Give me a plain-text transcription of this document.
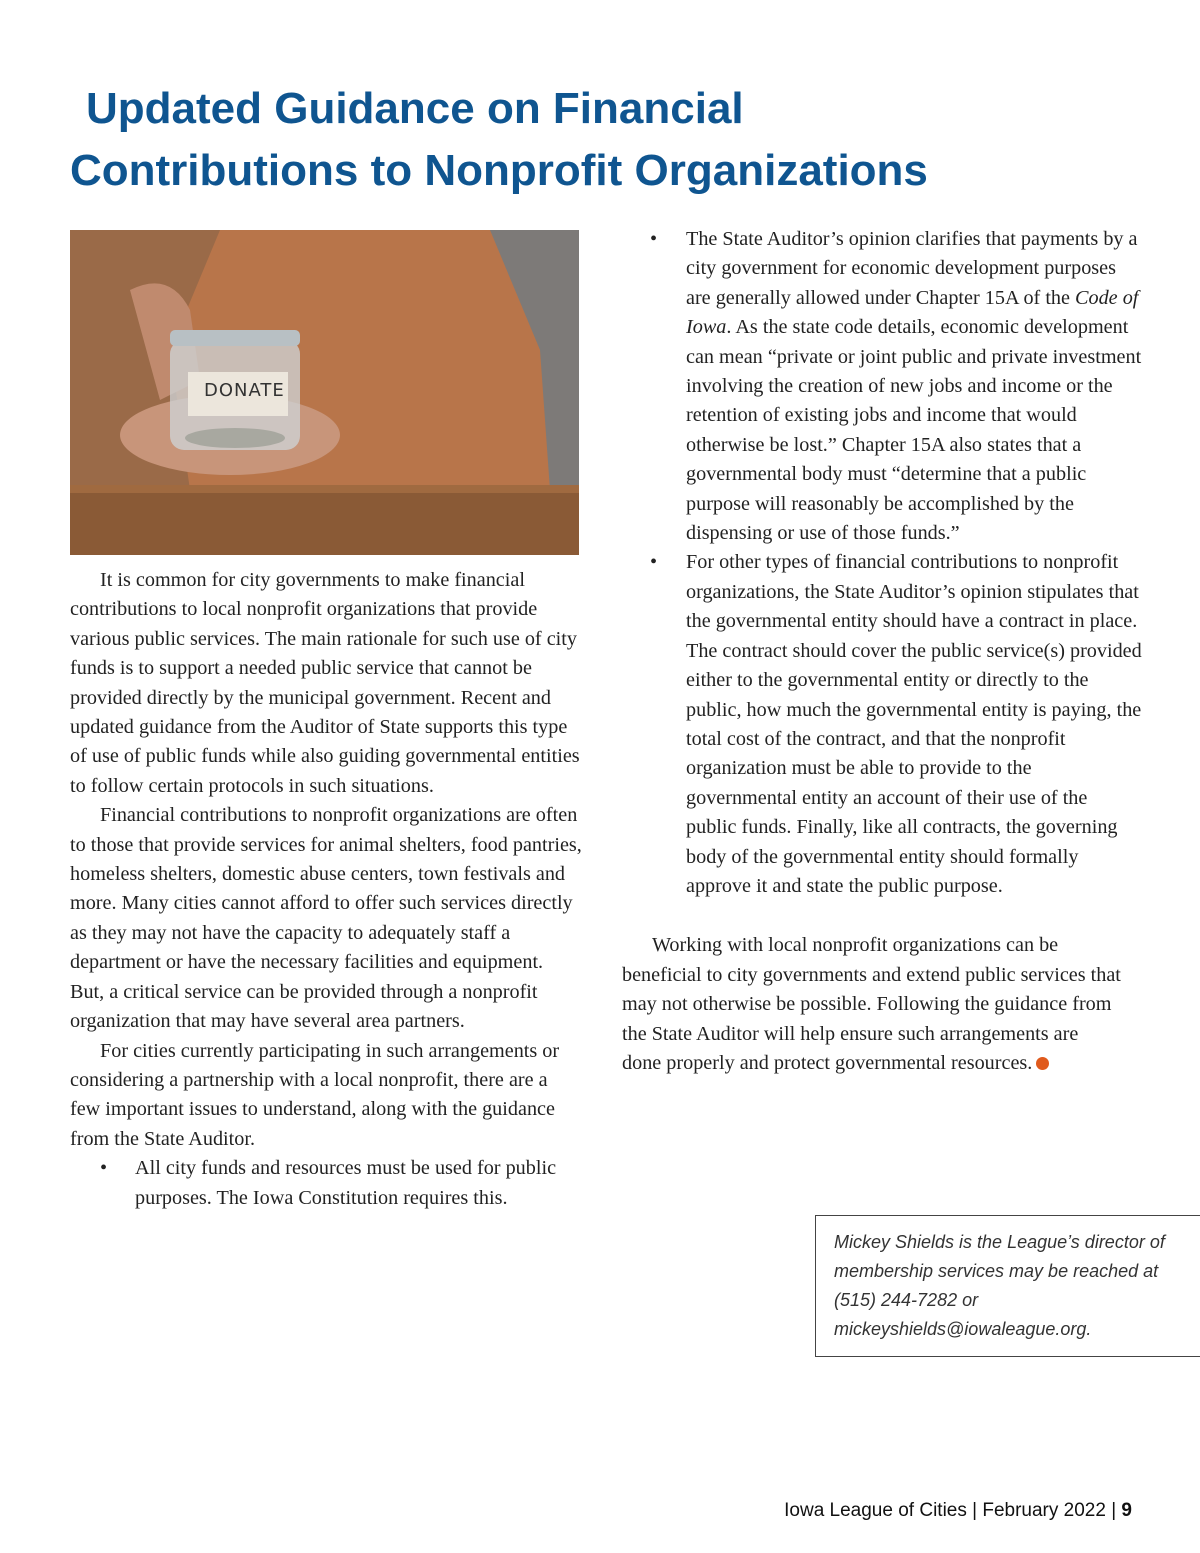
Updated Guidance on Financial
Contributions to Nonprofit Organizations
DONATE

It is common for city governments to make financial contributions to local nonprofit organizations that provide various public services. The main rationale for such use of city funds is to support a needed public service that cannot be provided directly by the municipal government. Recent and updated guidance from the Auditor of State supports this type of use of public funds while also guiding governmental entities to follow certain protocols in such situations.

Financial contributions to nonprofit organizations are often to those that provide services for animal shelters, food pantries, homeless shelters, domestic abuse centers, town festivals and more. Many cities cannot afford to offer such services directly as they may not have the capacity to adequately staff a department or have the necessary facilities and equipment. But, a critical service can be provided through a nonprofit organization that may have several area partners.

For cities currently participating in such arrangements or considering a partnership with a local nonprofit, there are a few important issues to understand, along with the guidance from the State Auditor.

• All city funds and resources must be used for public purposes. The Iowa Constitution requires this.
• The State Auditor’s opinion clarifies that payments by a city government for economic development purposes are generally allowed under Chapter 15A of the Code of Iowa. As the state code details, economic development can mean “private or joint public and private investment involving the creation of new jobs and income or the retention of existing jobs and income that would otherwise be lost.” Chapter 15A also states that a governmental body must “determine that a public purpose will reasonably be accomplished by the dispensing or use of those funds.”
• For other types of financial contributions to nonprofit organizations, the State Auditor’s opinion stipulates that the governmental entity should have a contract in place. The contract should cover the public service(s) provided either to the governmental entity or directly to the public, how much the governmental entity is paying, the total cost of the contract, and that the nonprofit organization must be able to provide to the governmental entity an account of their use of the public funds. Finally, like all contracts, the governing body of the governmental entity should formally approve it and state the public purpose.

Working with local nonprofit organizations can be beneficial to city governments and extend public services that may not otherwise be possible. Following the guidance from the State Auditor will help ensure such arrangements are done properly and protect governmental resources.

Mickey Shields is the League’s director of membership services may be reached at (515) 244-7282 or mickeyshields@iowaleague.org.
Iowa League of Cities | February 2022 | 9
